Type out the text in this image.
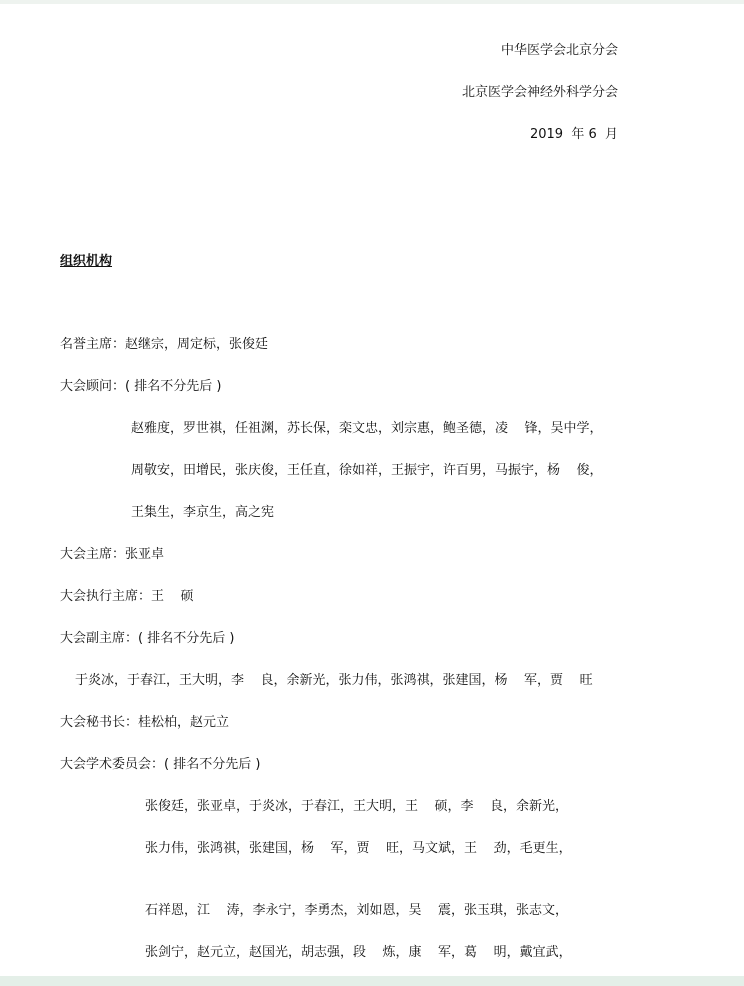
中华医学会北京分会
北京医学会神经外科学分会
2019  年 6  月
组织机构
名誉主席：赵继宗，周定标，张俊廷
大会顾问：( 排名不分先后 )
赵雅度，罗世祺，任祖渊，苏长保，栾文忠，刘宗惠，鲍圣德，凌    锋，吴中学，
周敬安，田增民，张庆俊，王任直，徐如祥，王振宇，许百男，马振宇，杨    俊，
王集生，李京生，高之宪
大会主席：张亚卓
大会执行主席：王    硕
大会副主席：( 排名不分先后 )
于炎冰，于春江，王大明，李    良，余新光，张力伟，张鸿祺，张建国，杨    军，贾    旺
大会秘书长：桂松柏，赵元立
大会学术委员会：( 排名不分先后 )
张俊廷，张亚卓，于炎冰，于春江，王大明，王    硕，李    良，余新光，
张力伟，张鸿祺，张建国，杨    军，贾    旺，马文斌，王    劲，毛更生，
石祥恩，江    涛，李永宁，李勇杰，刘如恩，吴    震，张玉琪，张志文，
张剑宁，赵元立，赵国光，胡志强，段    炼，康    军，葛    明，戴宜武，
